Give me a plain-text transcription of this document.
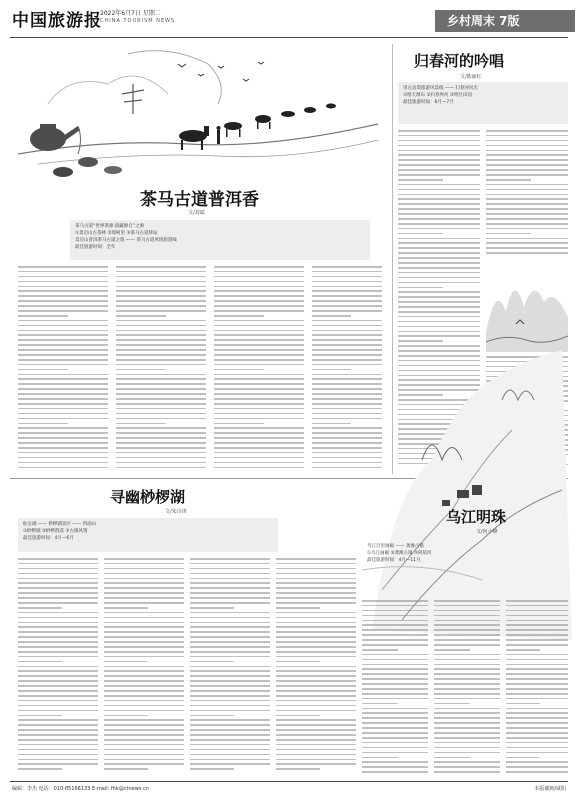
中国旅游报
2022年6月7日 星期二
CHINA TOURISM NEWS	乡村周末 7版
茶马古道普洱香
文/刘斌
茶马古道“世界茶源·滇藏源自”之源
①景迈山古茶林 ②那柯里 ③茶马古道驿站
景迈山普洱茶马古道之旅 —— 茶马古道风情旅游线
最佳旅游时间：全年
归春河的吟唱
文/陈丽红
崇左边境旅游风景线 —— 归春河风光
①德天瀑布 ②归春界河 ③明仕田园
最佳旅游时间：6月—7月
寻幽桫椤湖
文/朱诗琪
仙女湖 —— 桫椤湖景区 —— 四面山
①桫椤湖 ②桫椤群落 ③古镇风情
最佳旅游时间：4月—6月
乌江明珠
文/何小峰
乌江百里画廊 —— 龚滩古镇
①乌江画廊 ②龚滩古镇 ③阿依河
最佳旅游时间：4月—11月
编辑：李杰 电话：010-85166133 E-mail: fhk@ctnews.cn	本版插画/咸阳
